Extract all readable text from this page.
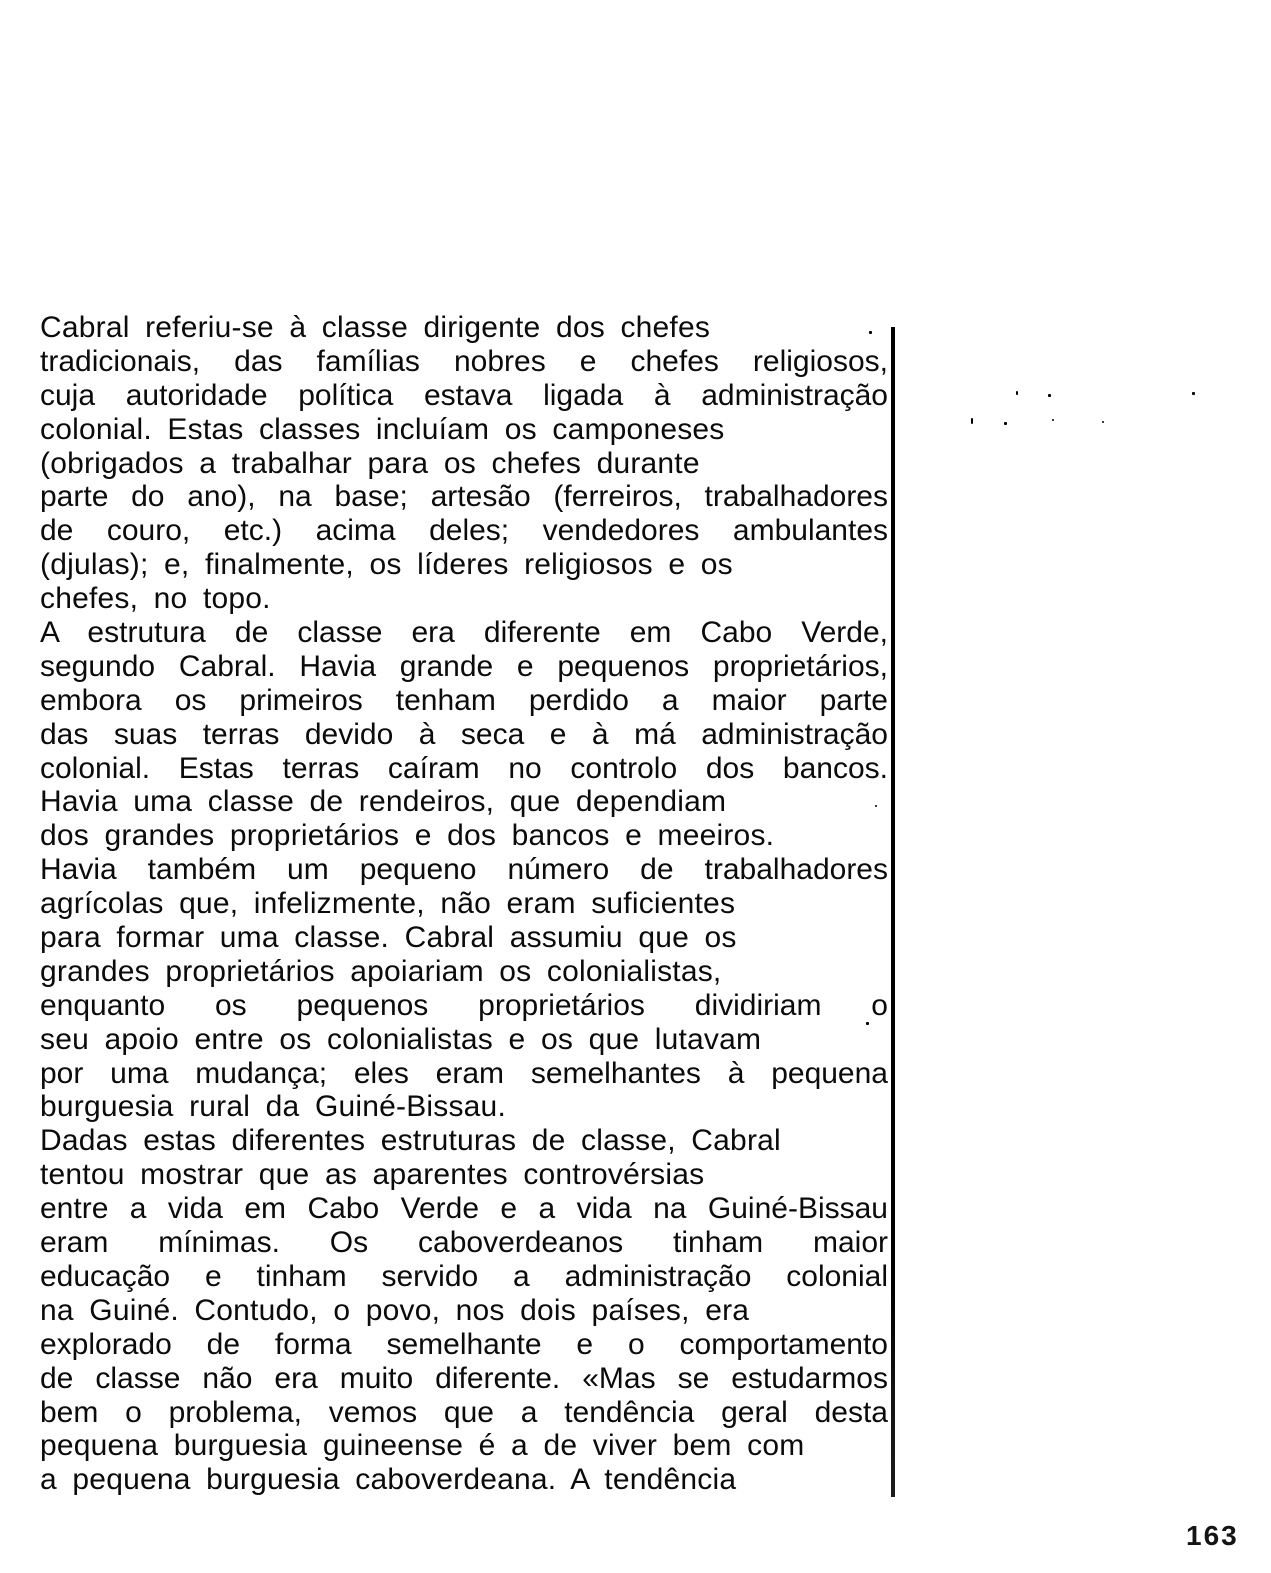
Cabral referiu-se à classe dirigente dos chefes
tradicionais, das famílias nobres e chefes religiosos,
cuja autoridade política estava ligada à administração
colonial. Estas classes incluíam os camponeses
(obrigados a trabalhar para os chefes durante
parte do ano), na base; artesão (ferreiros, trabalhadores
de couro, etc.) acima deles; vendedores ambulantes
(djulas); e, finalmente, os líderes religiosos e os
chefes, no topo.
A estrutura de classe era diferente em Cabo Verde,
segundo Cabral. Havia grande e pequenos proprietários,
embora os primeiros tenham perdido a maior parte
das suas terras devido à seca e à má administração
colonial. Estas terras caíram no controlo dos bancos.
Havia uma classe de rendeiros, que dependiam
dos grandes proprietários e dos bancos e meeiros.
Havia também um pequeno número de trabalhadores
agrícolas que, infelizmente, não eram suficientes
para formar uma classe. Cabral assumiu que os
grandes proprietários apoiariam os colonialistas,
enquanto os pequenos proprietários dividiriam o
seu apoio entre os colonialistas e os que lutavam
por uma mudança; eles eram semelhantes à pequena
burguesia rural da Guiné-Bissau.
Dadas estas diferentes estruturas de classe, Cabral
tentou mostrar que as aparentes controvérsias
entre a vida em Cabo Verde e a vida na Guiné-Bissau
eram mínimas. Os caboverdeanos tinham maior
educação e tinham servido a administração colonial
na Guiné. Contudo, o povo, nos dois países, era
explorado de forma semelhante e o comportamento
de classe não era muito diferente. «Mas se estudarmos
bem o problema, vemos que a tendência geral desta
pequena burguesia guineense é a de viver bem com
a pequena burguesia caboverdeana. A tendência
163
